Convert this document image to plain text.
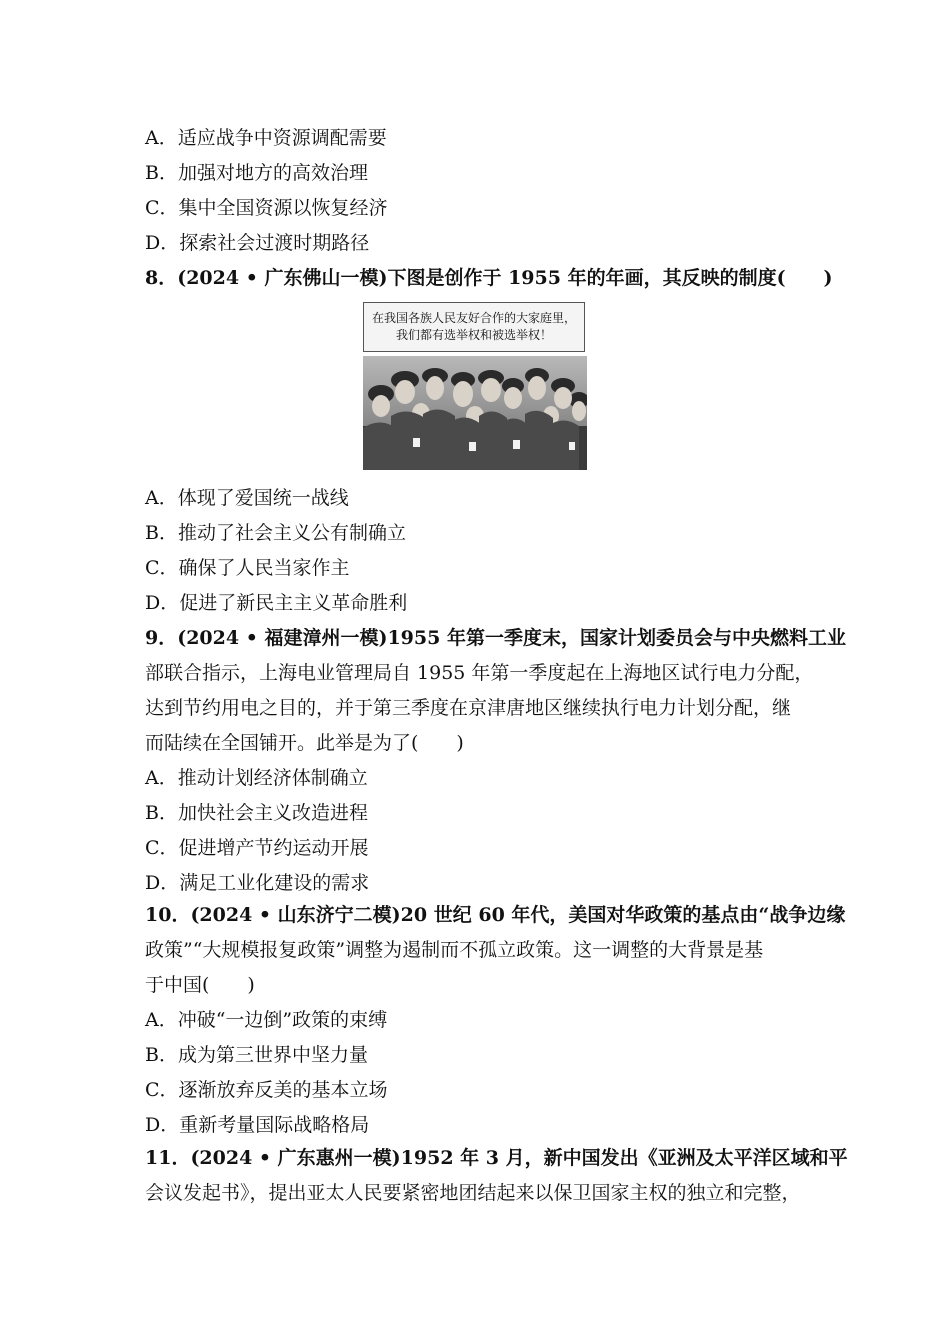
A．适应战争中资源调配需要
B．加强对地方的高效治理
C．集中全国资源以恢复经济
D．探索社会过渡时期路径
8．(2024 • 广东佛山一模)下图是创作于 1955 年的年画，其反映的制度(　　)
在我国各族人民友好合作的大家庭里，
我们都有选举权和被选举权！
A．体现了爱国统一战线
B．推动了社会主义公有制确立
C．确保了人民当家作主
D．促进了新民主主义革命胜利
9．(2024 • 福建漳州一模)1955 年第一季度末，国家计划委员会与中央燃料工业
部联合指示，上海电业管理局自 1955 年第一季度起在上海地区试行电力分配，
达到节约用电之目的，并于第三季度在京津唐地区继续执行电力计划分配，继
而陆续在全国铺开。此举是为了(　　)
A．推动计划经济体制确立
B．加快社会主义改造进程
C．促进增产节约运动开展
D．满足工业化建设的需求
10．(2024 • 山东济宁二模)20 世纪 60 年代，美国对华政策的基点由“战争边缘
政策”“大规模报复政策”调整为遏制而不孤立政策。这一调整的大背景是基
于中国(　　)
A．冲破“一边倒”政策的束缚
B．成为第三世界中坚力量
C．逐渐放弃反美的基本立场
D．重新考量国际战略格局
11．(2024 • 广东惠州一模)1952 年 3 月，新中国发出《亚洲及太平洋区域和平
会议发起书》，提出亚太人民要紧密地团结起来以保卫国家主权的独立和完整，
